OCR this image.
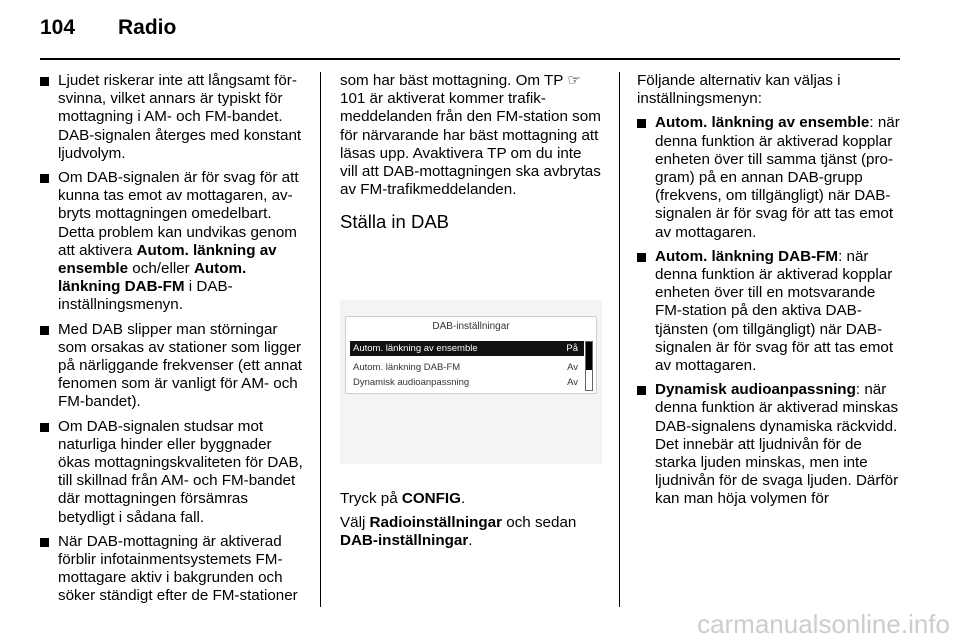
104 Radio
Ljudet riskerar inte att långsamt försvinna, vilket annars är typiskt för mottagning i AM- och FM-bandet. DAB-signalen återges med konstant ljudvolym.
Om DAB-signalen är för svag för att kunna tas emot av mottagaren, avbryts mottagningen omedelbart. Detta problem kan undvikas genom att aktivera Autom. länkning av ensemble och/eller Autom. länkning DAB-FM i DAB-inställningsmenyn.
Med DAB slipper man störningar som orsakas av stationer som ligger på närliggande frekvenser (ett annat fenomen som är vanligt för AM- och FM-bandet).
Om DAB-signalen studsar mot naturliga hinder eller byggnader ökas mottagningskvaliteten för DAB, till skillnad från AM- och FM-bandet där mottagningen försämras betydligt i sådana fall.
När DAB-mottagning är aktiverad förblir infotainmentsystemets FM-mottagare aktiv i bakgrunden och söker ständigt efter de FM-stationer

som har bäst mottagning. Om TP ☞ 101 är aktiverat kommer trafikmeddelanden från den FM-station som för närvarande har bäst mottagning att läsas upp. Avaktivera TP om du inte vill att DAB-mottagningen ska avbrytas av FM-trafikmeddelanden.

Ställa in DAB
DAB-inställningar
Autom. länkning av ensemble	På
Autom. länkning DAB-FM	Av
Dynamisk audioanpassning	Av

Tryck på CONFIG.

Välj Radioinställningar och sedan DAB-inställningar.

Följande alternativ kan väljas i inställningsmenyn:

Autom. länkning av ensemble: när denna funktion är aktiverad kopplar enheten över till samma tjänst (program) på en annan DAB-grupp (frekvens, om tillgängligt) när DAB-signalen är för svag för att tas emot av mottagaren.
Autom. länkning DAB-FM: när denna funktion är aktiverad kopplar enheten över till en motsvarande FM-station på den aktiva DAB-tjänsten (om tillgängligt) när DAB-signalen är för svag för att tas emot av mottagaren.
Dynamisk audioanpassning: när denna funktion är aktiverad minskas DAB-signalens dynamiska räckvidd. Det innebär att ljudnivån för de starka ljuden minskas, men inte ljudnivån för de svaga ljuden. Därför kan man höja volymen för
carmanualsonline.info
